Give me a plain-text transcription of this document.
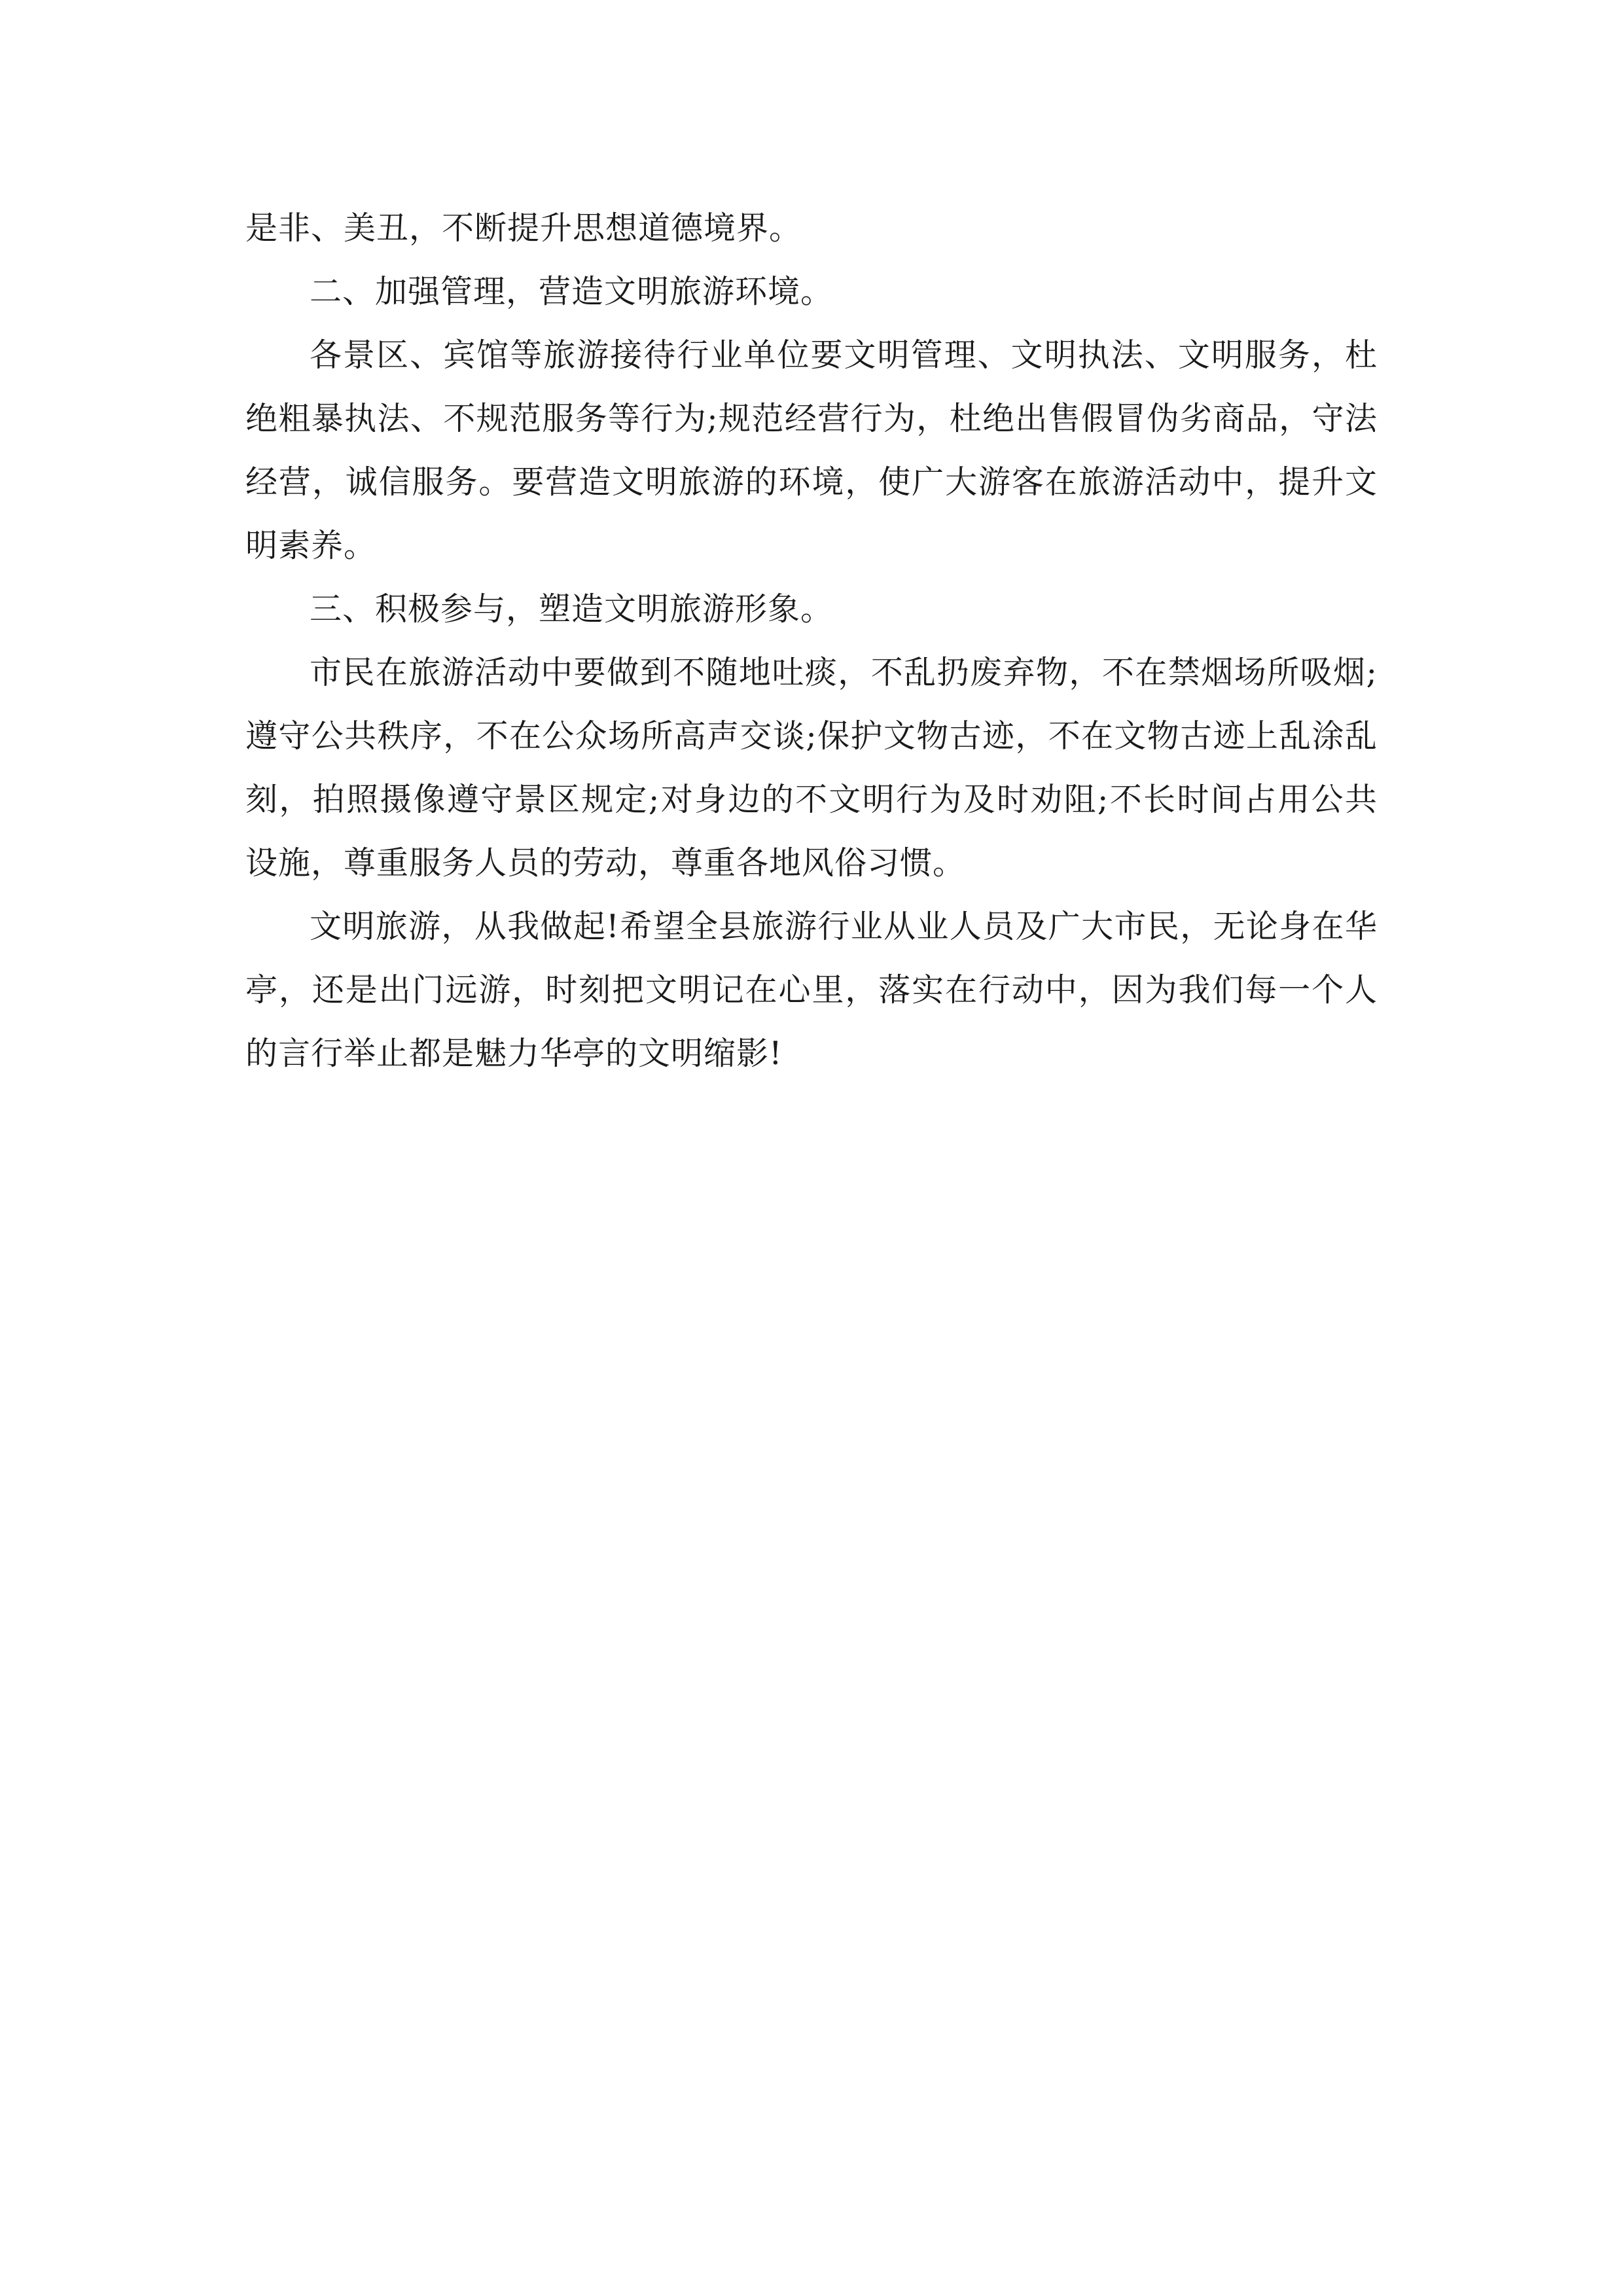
是非、美丑，不断提升思想道德境界。

二、加强管理，营造文明旅游环境。

各景区、宾馆等旅游接待行业单位要文明管理、文明执法、文明服务，杜绝粗暴执法、不规范服务等行为;规范经营行为，杜绝出售假冒伪劣商品，守法经营，诚信服务。要营造文明旅游的环境，使广大游客在旅游活动中，提升文明素养。

三、积极参与，塑造文明旅游形象。

市民在旅游活动中要做到不随地吐痰，不乱扔废弃物，不在禁烟场所吸烟;遵守公共秩序，不在公众场所高声交谈;保护文物古迹，不在文物古迹上乱涂乱刻，拍照摄像遵守景区规定;对身边的不文明行为及时劝阻;不长时间占用公共设施，尊重服务人员的劳动，尊重各地风俗习惯。

文明旅游，从我做起!希望全县旅游行业从业人员及广大市民，无论身在华亭，还是出门远游，时刻把文明记在心里，落实在行动中，因为我们每一个人的言行举止都是魅力华亭的文明缩影!
